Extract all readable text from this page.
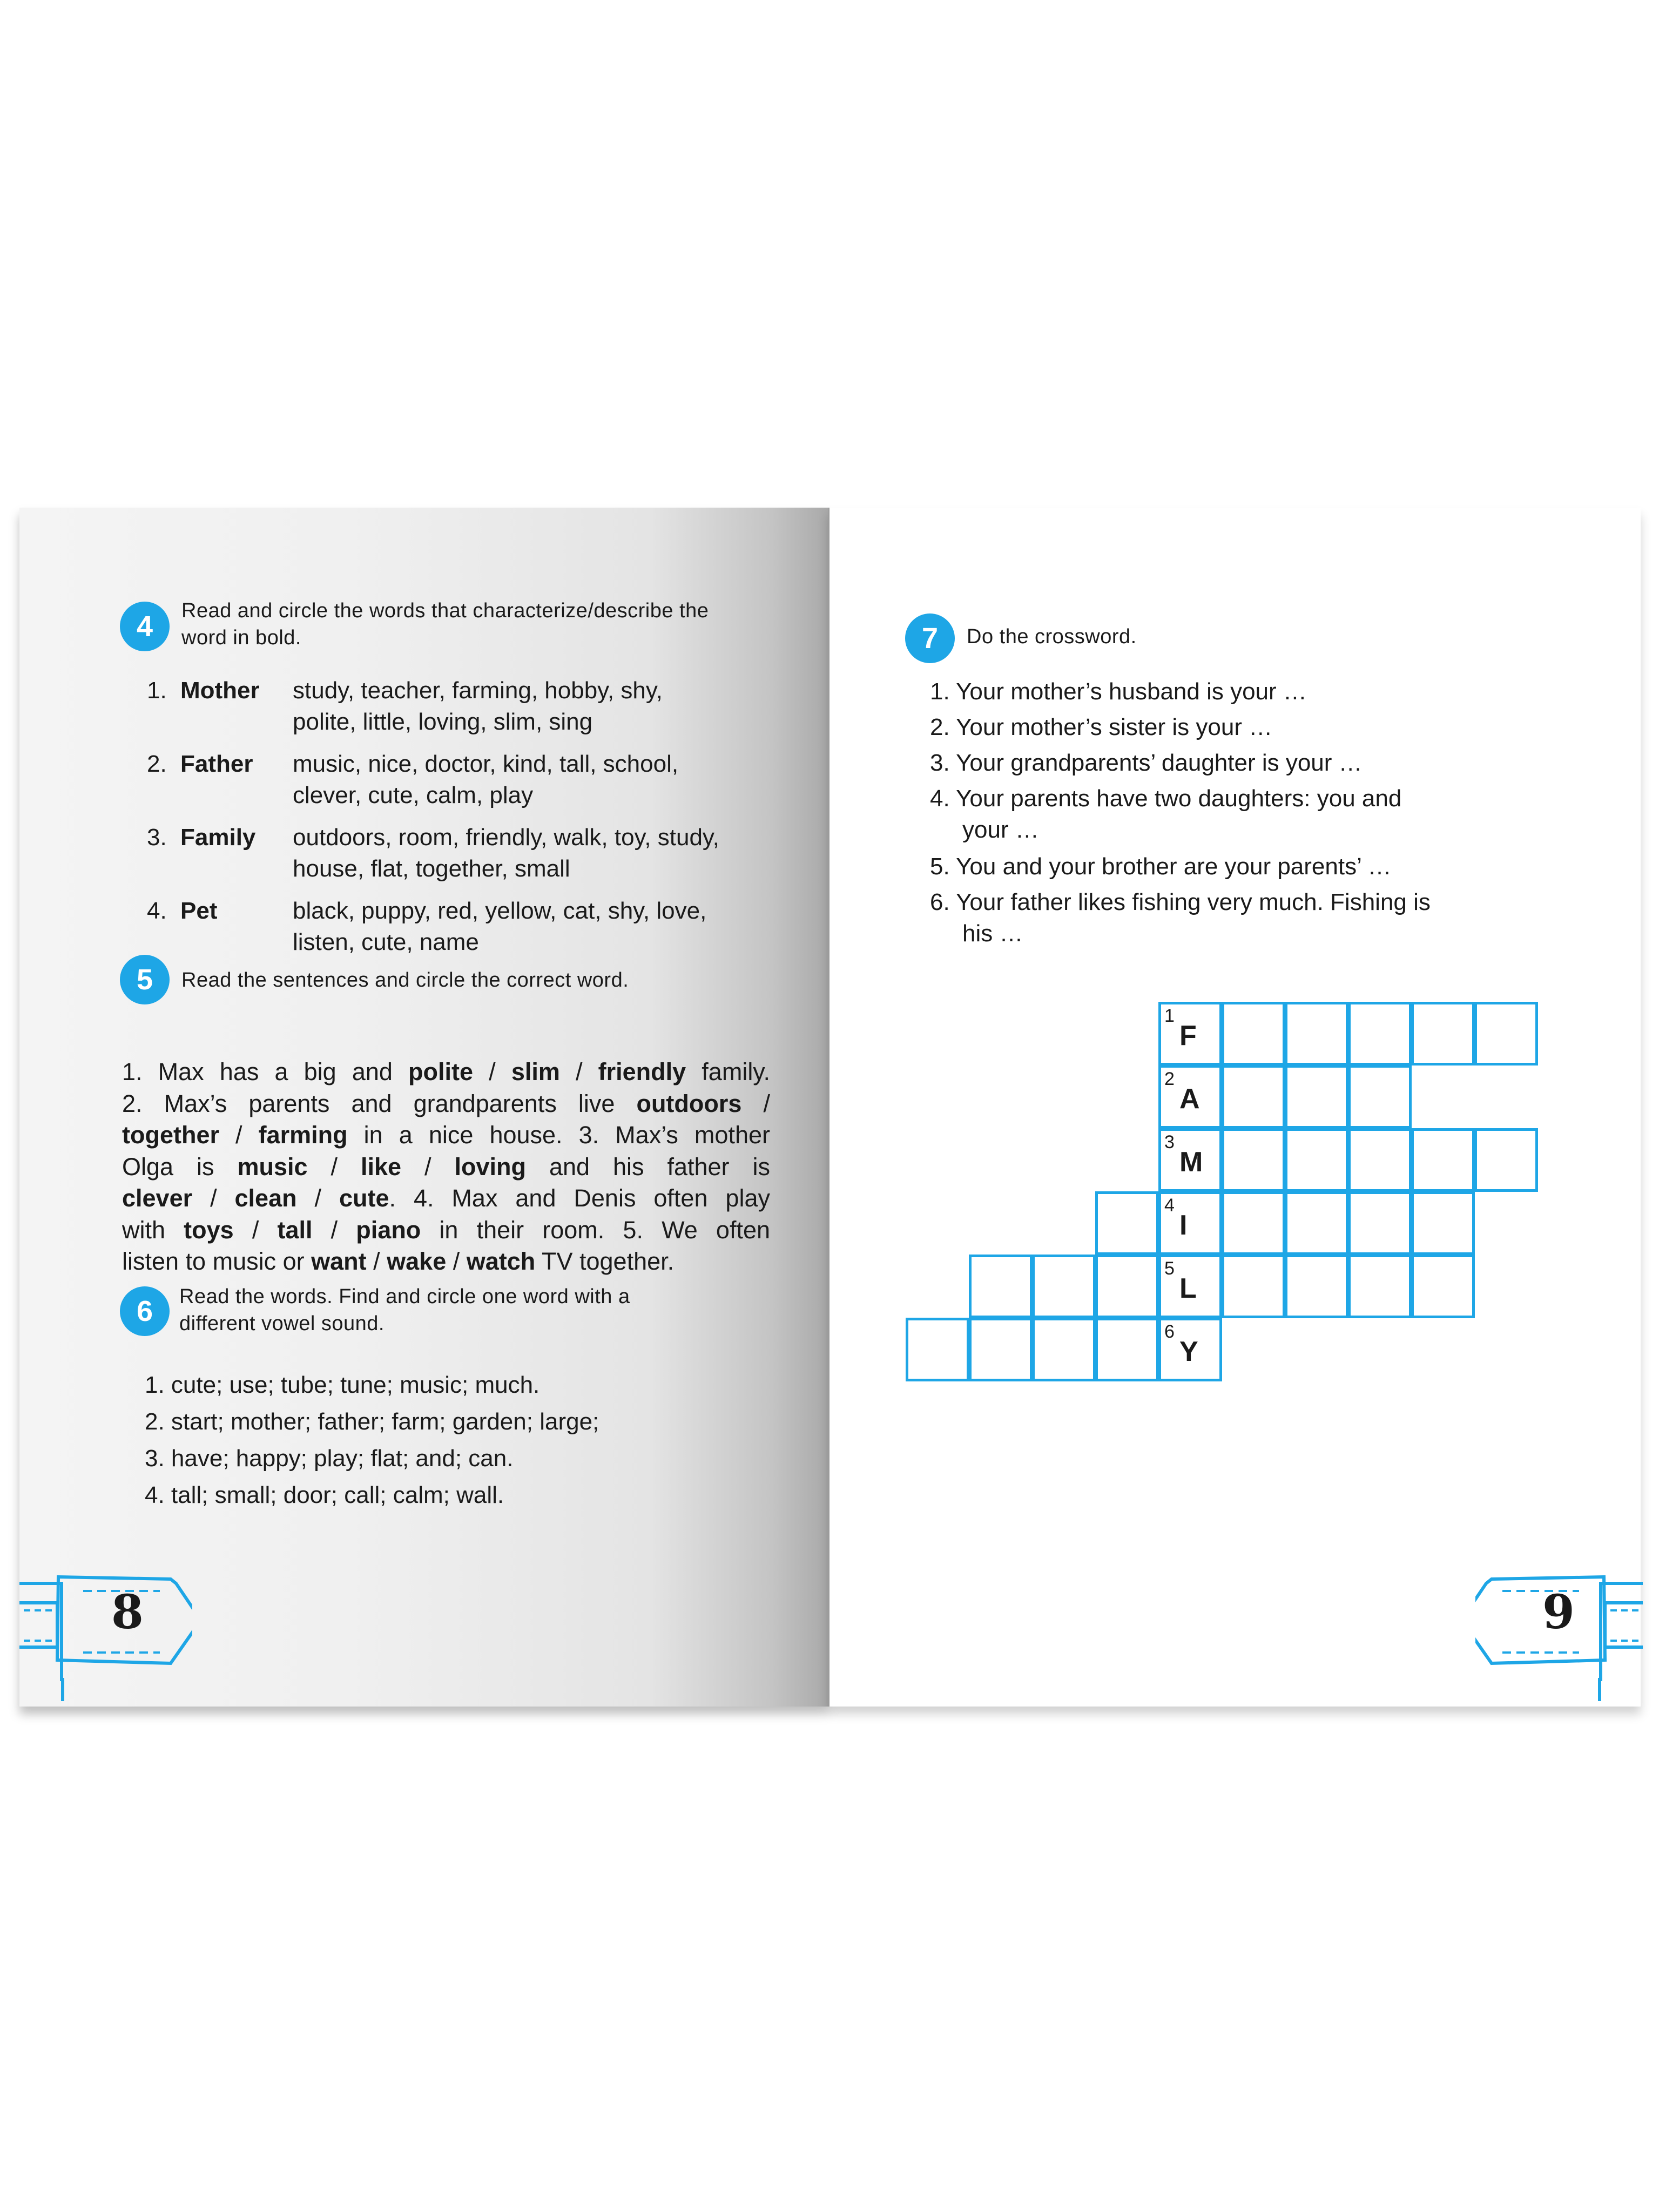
4	Read and circle the words that characterize/describe the
word in bold.
1. Mother study, teacher, farming, hobby, shy,
polite, little, loving, slim, sing
2. Father music, nice, doctor, kind, tall, school,
clever, cute, calm, play
3. Family outdoors, room, friendly, walk, toy, study,
house, flat, together, small
4. Pet	black, puppy, red, yellow, cat, shy, love,
listen, cute, name
5	Read the sentences and circle the correct word.
1. Max has a big and polite / slim / friendly family.
2. Max’s parents and grandparents live outdoors /
together / farming in a nice house. 3. Max’s mother
Olga is music / like / loving and his father is
clever / clean / cute. 4. Max and Denis often play
with toys / tall / piano in their room. 5. We often
listen to music or want / wake / watch TV together.
6	Read the words. Find and circle one word with a
different vowel sound.
1. cute; use; tube; tune; music; much.
2. start; mother; father; farm; garden; large;
3. have; happy; play; flat; and; can.
4. tall; small; door; call; calm; wall.
8
7	Do the crossword.
1. Your mother’s husband is your …
2. Your mother’s sister is your …
3. Your grandparents’ daughter is your …
4. Your parents have two daughters: you and
your …
5. You and your brother are your parents’ …
6. Your father likes fishing very much. Fishing is
his …
1
F
2
A
3
M
4
I
5
L
6
Y
9
